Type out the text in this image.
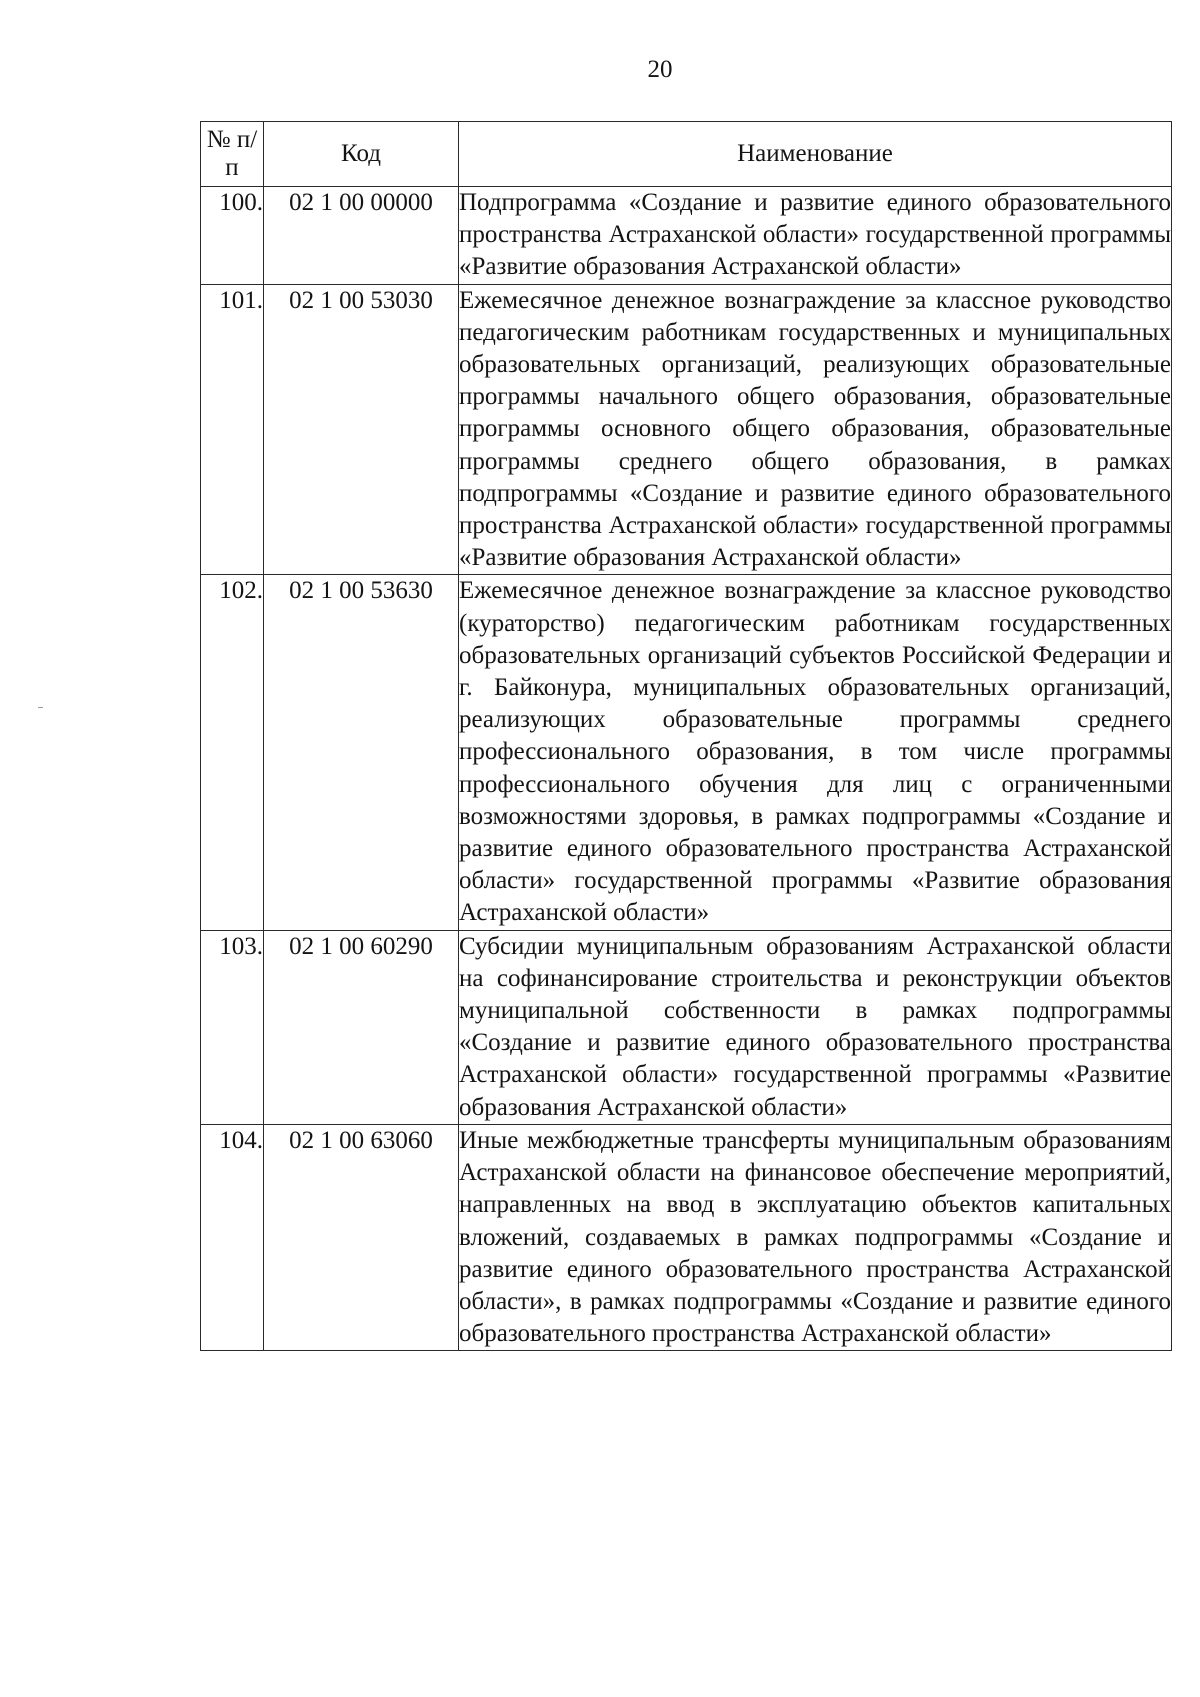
20
№ п/п	Код	Наименование
100.	02 1 00 00000	Подпрограмма «Создание и развитие единого образовательного пространства Астраханской области» государственной программы «Развитие образования Астраханской области»
101.	02 1 00 53030	Ежемесячное денежное вознаграждение за классное руководство педагогическим работникам государственных и муниципальных образовательных организаций, реализующих образовательные программы начального общего образования, образовательные программы основного общего образования, образовательные программы среднего общего образования, в рамках подпрограммы «Создание и развитие единого образовательного пространства Астраханской области» государственной программы «Развитие образования Астраханской области»
102.	02 1 00 53630	Ежемесячное денежное вознаграждение за классное руководство (кураторство) педагогическим работникам государственных образовательных организаций субъектов Российской Федерации и г. Байконура, муниципальных образовательных организаций, реализующих образовательные программы среднего профессионального образования, в том числе программы профессионального обучения для лиц с ограниченными возможностями здоровья, в рамках подпрограммы «Создание и развитие единого образовательного пространства Астраханской области» государственной программы «Развитие образования Астраханской области»
103.	02 1 00 60290	Субсидии муниципальным образованиям Астраханской области на софинансирование строительства и реконструкции объектов муниципальной собственности в рамках подпрограммы «Создание и развитие единого образовательного пространства Астраханской области» государственной программы «Развитие образования Астраханской области»
104.	02 1 00 63060	Иные межбюджетные трансферты муниципальным образованиям Астраханской области на финансовое обеспечение мероприятий, направленных на ввод в эксплуатацию объектов капитальных вложений, создаваемых в рамках подпрограммы «Создание и развитие единого образовательного пространства Астраханской области», в рамках подпрограммы «Создание и развитие единого образовательного пространства Астраханской области»
